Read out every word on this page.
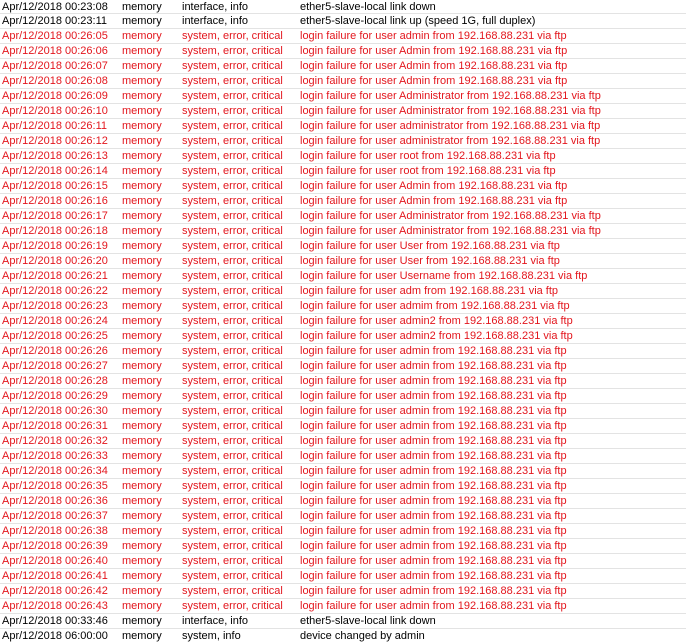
Apr/12/2018 00:23:08	memory	interface, info	ether5-slave-local link down
Apr/12/2018 00:23:11	memory	interface, info	ether5-slave-local link up (speed 1G, full duplex)
Apr/12/2018 00:26:05	memory	system, error, critical	login failure for user admin from 192.168.88.231 via ftp
Apr/12/2018 00:26:06	memory	system, error, critical	login failure for user Admin from 192.168.88.231 via ftp
Apr/12/2018 00:26:07	memory	system, error, critical	login failure for user Admin from 192.168.88.231 via ftp
Apr/12/2018 00:26:08	memory	system, error, critical	login failure for user Admin from 192.168.88.231 via ftp
Apr/12/2018 00:26:09	memory	system, error, critical	login failure for user Administrator from 192.168.88.231 via ftp
Apr/12/2018 00:26:10	memory	system, error, critical	login failure for user Administrator from 192.168.88.231 via ftp
Apr/12/2018 00:26:11	memory	system, error, critical	login failure for user administrator from 192.168.88.231 via ftp
Apr/12/2018 00:26:12	memory	system, error, critical	login failure for user administrator from 192.168.88.231 via ftp
Apr/12/2018 00:26:13	memory	system, error, critical	login failure for user root from 192.168.88.231 via ftp
Apr/12/2018 00:26:14	memory	system, error, critical	login failure for user root from 192.168.88.231 via ftp
Apr/12/2018 00:26:15	memory	system, error, critical	login failure for user Admin from 192.168.88.231 via ftp
Apr/12/2018 00:26:16	memory	system, error, critical	login failure for user Admin from 192.168.88.231 via ftp
Apr/12/2018 00:26:17	memory	system, error, critical	login failure for user Administrator from 192.168.88.231 via ftp
Apr/12/2018 00:26:18	memory	system, error, critical	login failure for user Administrator from 192.168.88.231 via ftp
Apr/12/2018 00:26:19	memory	system, error, critical	login failure for user User from 192.168.88.231 via ftp
Apr/12/2018 00:26:20	memory	system, error, critical	login failure for user User from 192.168.88.231 via ftp
Apr/12/2018 00:26:21	memory	system, error, critical	login failure for user Username from 192.168.88.231 via ftp
Apr/12/2018 00:26:22	memory	system, error, critical	login failure for user adm from 192.168.88.231 via ftp
Apr/12/2018 00:26:23	memory	system, error, critical	login failure for user admim from 192.168.88.231 via ftp
Apr/12/2018 00:26:24	memory	system, error, critical	login failure for user admin2 from 192.168.88.231 via ftp
Apr/12/2018 00:26:25	memory	system, error, critical	login failure for user admin2 from 192.168.88.231 via ftp
Apr/12/2018 00:26:26	memory	system, error, critical	login failure for user admin from 192.168.88.231 via ftp
Apr/12/2018 00:26:27	memory	system, error, critical	login failure for user admin from 192.168.88.231 via ftp
Apr/12/2018 00:26:28	memory	system, error, critical	login failure for user admin from 192.168.88.231 via ftp
Apr/12/2018 00:26:29	memory	system, error, critical	login failure for user admin from 192.168.88.231 via ftp
Apr/12/2018 00:26:30	memory	system, error, critical	login failure for user admin from 192.168.88.231 via ftp
Apr/12/2018 00:26:31	memory	system, error, critical	login failure for user admin from 192.168.88.231 via ftp
Apr/12/2018 00:26:32	memory	system, error, critical	login failure for user admin from 192.168.88.231 via ftp
Apr/12/2018 00:26:33	memory	system, error, critical	login failure for user admin from 192.168.88.231 via ftp
Apr/12/2018 00:26:34	memory	system, error, critical	login failure for user admin from 192.168.88.231 via ftp
Apr/12/2018 00:26:35	memory	system, error, critical	login failure for user admin from 192.168.88.231 via ftp
Apr/12/2018 00:26:36	memory	system, error, critical	login failure for user admin from 192.168.88.231 via ftp
Apr/12/2018 00:26:37	memory	system, error, critical	login failure for user admin from 192.168.88.231 via ftp
Apr/12/2018 00:26:38	memory	system, error, critical	login failure for user admin from 192.168.88.231 via ftp
Apr/12/2018 00:26:39	memory	system, error, critical	login failure for user admin from 192.168.88.231 via ftp
Apr/12/2018 00:26:40	memory	system, error, critical	login failure for user admin from 192.168.88.231 via ftp
Apr/12/2018 00:26:41	memory	system, error, critical	login failure for user admin from 192.168.88.231 via ftp
Apr/12/2018 00:26:42	memory	system, error, critical	login failure for user admin from 192.168.88.231 via ftp
Apr/12/2018 00:26:43	memory	system, error, critical	login failure for user admin from 192.168.88.231 via ftp
Apr/12/2018 00:33:46	memory	interface, info	ether5-slave-local link down
Apr/12/2018 06:00:00	memory	system, info	device changed by admin
